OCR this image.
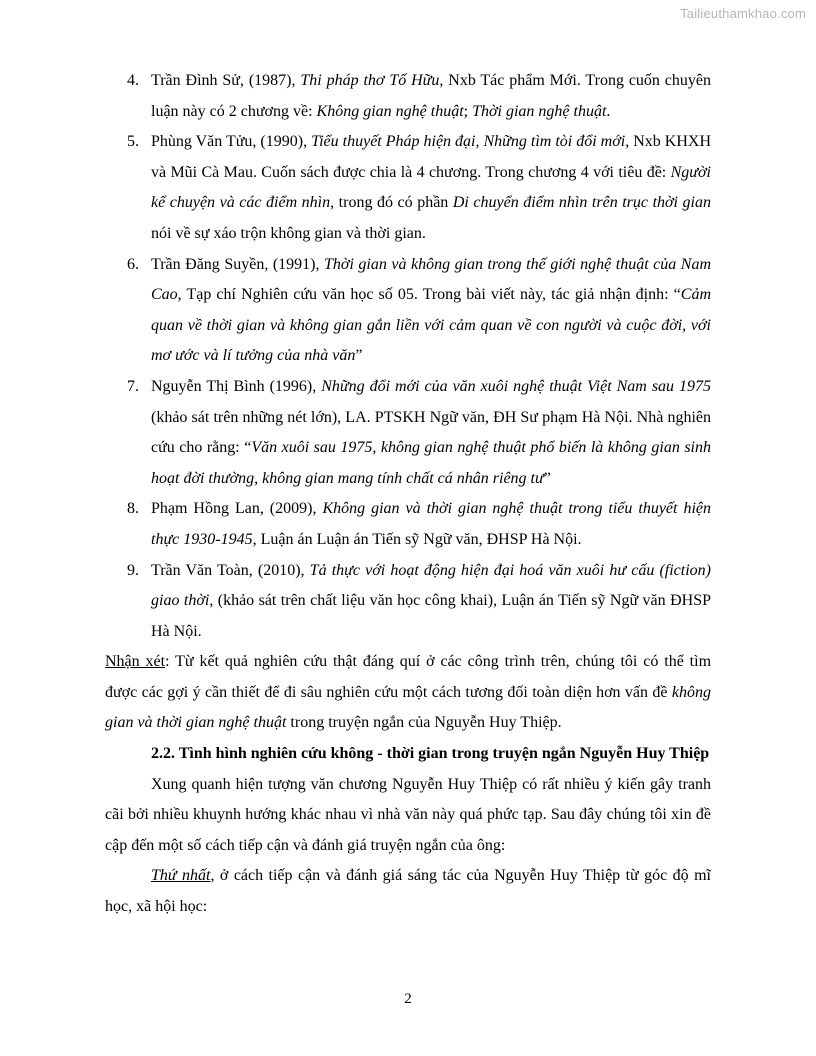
Tailieuthamkhao.com
4. Trần Đình Sử, (1987), Thi pháp thơ Tố Hữu, Nxb Tác phẩm Mới. Trong cuốn chuyên luận này có 2 chương về: Không gian nghệ thuật; Thời gian nghệ thuật.
5. Phùng Văn Tửu, (1990), Tiểu thuyết Pháp hiện đại, Những tìm tòi đổi mới, Nxb KHXH và Mũi Cà Mau. Cuốn sách được chia là 4 chương. Trong chương 4 với tiêu đề: Người kể chuyện và các điểm nhìn, trong đó có phần Di chuyển điểm nhìn trên trục thời gian nói về sự xáo trộn không gian và thời gian.
6. Trần Đăng Suyền, (1991), Thời gian và không gian trong thế giới nghệ thuật của Nam Cao, Tạp chí Nghiên cứu văn học số 05. Trong bài viết này, tác giả nhận định: “Cảm quan về thời gian và không gian gắn liền với cảm quan về con người và cuộc đời, với mơ ước và lí tưởng của nhà văn”
7. Nguyễn Thị Bình (1996), Những đổi mới của văn xuôi nghệ thuật Việt Nam sau 1975 (khảo sát trên những nét lớn), LA. PTSKH Ngữ văn, ĐH Sư phạm Hà Nội. Nhà nghiên cứu cho rằng: “Văn xuôi sau 1975, không gian nghệ thuật phổ biến là không gian sinh hoạt đời thường, không gian mang tính chất cá nhân riêng tư”
8. Phạm Hồng Lan, (2009), Không gian và thời gian nghệ thuật trong tiểu thuyết hiện thực 1930-1945, Luận án Luận án Tiến sỹ Ngữ văn, ĐHSP Hà Nội.
9. Trần Văn Toàn, (2010), Tả thực với hoạt động hiện đại hoá văn xuôi hư cấu (fiction) giao thời, (khảo sát trên chất liệu văn học công khai), Luận án Tiến sỹ Ngữ văn ĐHSP Hà Nội.

Nhận xét: Từ kết quả nghiên cứu thật đáng quí ở các công trình trên, chúng tôi có thể tìm được các gợi ý cần thiết để đi sâu nghiên cứu một cách tương đối toàn diện hơn vấn đề không gian và thời gian nghệ thuật trong truyện ngắn của Nguyễn Huy Thiệp.

2.2. Tình hình nghiên cứu không - thời gian trong truyện ngắn Nguyễn Huy Thiệp

Xung quanh hiện tượng văn chương Nguyễn Huy Thiệp có rất nhiều ý kiến gây tranh cãi bởi nhiều khuynh hướng khác nhau vì nhà văn này quá phức tạp. Sau đây chúng tôi xin đề cập đến một số cách tiếp cận và đánh giá truyện ngắn của ông:

Thứ nhất, ở cách tiếp cận và đánh giá sáng tác của Nguyễn Huy Thiệp từ góc độ mĩ học, xã hội học:

2
